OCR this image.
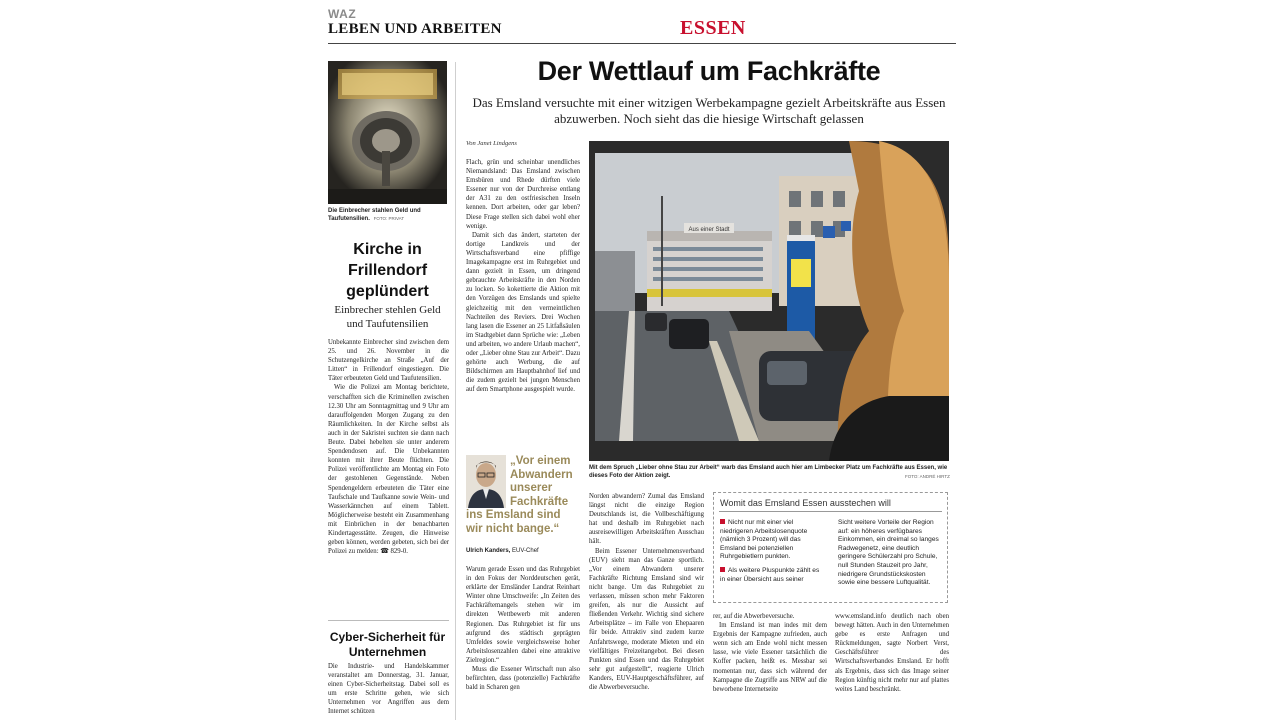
WAZ
LEBEN UND ARBEITEN	ESSEN
Die Einbrecher stahlen Geld und Taufutensilien. FOTO: PRIVAT
Kirche in Frillendorf geplündert
Einbrecher stehlen Geld und Taufutensilien

Unbekannte Einbrecher sind zwischen dem 25. und 26. November in die Schutzengelkirche an Straße „Auf der Litten“ in Frillendorf eingestiegen. Die Täter erbeuteten Geld und Taufutensilien.

Wie die Polizei am Montag berichtete, verschafften sich die Kriminellen zwischen 12.30 Uhr am Sonntagmittag und 9 Uhr am darauffolgenden Morgen Zugang zu den Räumlichkeiten. In der Kirche selbst als auch in der Sakristei suchten sie dann nach Beute. Dabei hebelten sie unter anderem Spendendosen auf. Die Unbekannten konnten mit ihrer Beute flüchten. Die Polizei veröffentlichte am Montag ein Foto der gestohlenen Gegenstände. Neben Spendengeldern erbeuteten die Täter eine Taufschale und Taufkanne sowie Wein- und Wasserkännchen auf einem Tablett. Möglicherweise besteht ein Zusammenhang mit Einbrüchen in der benachbarten Kindertagesstätte. Zeugen, die Hinweise geben können, werden gebeten, sich bei der Polizei zu melden: ☎ 829-0.

Cyber-Sicherheit für Unternehmen
Die Industrie- und Handelskammer veranstaltet am Donnerstag, 31. Januar, einen Cyber-Sicherheitstag. Dabei soll es um erste Schritte gehen, wie sich Unternehmen vor Angriffen aus dem Internet schützen
Der Wettlauf um Fachkräfte
Das Emsland versuchte mit einer witzigen Werbekampagne gezielt Arbeitskräfte aus Essen abzuwerben. Noch sieht das die hiesige Wirtschaft gelassen
Von Janet Lindgens

Flach, grün und scheinbar unendliches Niemandsland: Das Emsland zwischen Emsbüren und Rhede dürften viele Essener nur von der Durchreise entlang der A31 zu den ostfriesischen Inseln kennen. Dort arbeiten, oder gar leben? Diese Frage stellen sich dabei wohl eher wenige.

Damit sich das ändert, starteten der dortige Landkreis und der Wirtschaftsverband eine pfiffige Imagekampagne erst im Ruhrgebiet und dann gezielt in Essen, um dringend gebrauchte Arbeitskräfte in den Norden zu locken. So kokettierte die Aktion mit den Vorzügen des Emslands und spielte gleichzeitig mit den vermeintlichen Nachteilen des Reviers. Drei Wochen lang lasen die Essener an 25 Litfaßsäulen im Stadtgebiet dann Sprüche wie: „Leben und arbeiten, wo andere Urlaub machen“, oder „Lieber ohne Stau zur Arbeit“. Dazu gehörte auch Werbung, die auf Bildschirmen am Hauptbahnhof lief und die zudem gezielt bei jungen Menschen auf dem Smartphone ausgespielt wurde.

Aus einer Stadt
Mit dem Spruch „Lieber ohne Stau zur Arbeit“ warb das Emsland auch hier am Limbecker Platz um Fachkräfte aus Essen, wie dieses Foto der Aktion zeigt.	FOTO: ANDRÉ HIRTZ
„Vor einem
Abwandern
unserer
Fachkräfte
ins Emsland sind
wir nicht bange.“
Ulrich Kanders, EUV-Chef

Warum gerade Essen und das Ruhrgebiet in den Fokus der Norddeutschen gerät, erklärte der Emsländer Landrat Reinhart Winter ohne Umschweife: „In Zeiten des Fachkräftemangels stehen wir im direkten Wettbewerb mit anderen Regionen. Das Ruhrgebiet ist für uns aufgrund des städtisch geprägten Umfeldes sowie vergleichsweise hoher Arbeitslosenzahlen dabei eine attraktive Zielregion.“

Muss die Essener Wirtschaft nun also befürchten, dass (potenzielle) Fachkräfte bald in Scharen gen

Norden abwandern? Zumal das Emsland längst nicht die einzige Region Deutschlands ist, die Vollbeschäftigung hat und deshalb im Ruhrgebiet nach ausreisewilligen Arbeitskräften Ausschau hält.

Beim Essener Unternehmensverband (EUV) sieht man das Ganze sportlich. „Vor einem Abwandern unserer Fachkräfte Richtung Emsland sind wir nicht bange. Um das Ruhrgebiet zu verlassen, müssen schon mehr Faktoren greifen, als nur die Aussicht auf fließenden Verkehr. Wichtig sind sichere Arbeitsplätze – im Falle von Ehepaaren für beide. Attraktiv sind zudem kurze Anfahrtswege, moderate Mieten und ein vielfältiges Freizeitangebot. Bei diesen Punkten sind Essen und das Ruhrgebiet sehr gut aufgestellt“, reagierte Ulrich Kanders, EUV-Hauptgeschäftsführer, auf die Abwerbeversuche.

Womit das Emsland Essen ausstechen will

Nicht nur mit einer viel niedrigeren Arbeitslosenquote (nämlich 3 Prozent) will das Emsland bei potenziellen Ruhrgebietlern punkten.

Als weitere Pluspunkte zählt es in einer Übersicht aus seiner

Sicht weitere Vorteile der Region auf: ein höheres verfügbares Einkommen, ein dreimal so langes Radwegenetz, eine deutlich geringere Schülerzahl pro Schule, null Stunden Stauzeit pro Jahr, niedrigere Grundstückskosten sowie eine bessere Luftqualität.

rer, auf die Abwerbeversuche.

Im Emsland ist man indes mit dem Ergebnis der Kampagne zufrieden, auch wenn sich am Ende wohl nicht messen lasse, wie viele Essener tatsächlich die Koffer packen, heißt es. Messbar sei momentan nur, dass sich während der Kampagne die Zugriffe aus NRW auf die beworbene Internetseite

www.emsland.info deutlich nach oben bewegt hätten. Auch in den Unternehmen gebe es erste Anfragen und Rückmeldungen, sagte Norbert Verst, Geschäftsführer des Wirtschaftsverbandes Emsland. Er hofft als Ergebnis, dass sich das Image seiner Region künftig nicht mehr nur auf plattes weites Land beschränkt.
